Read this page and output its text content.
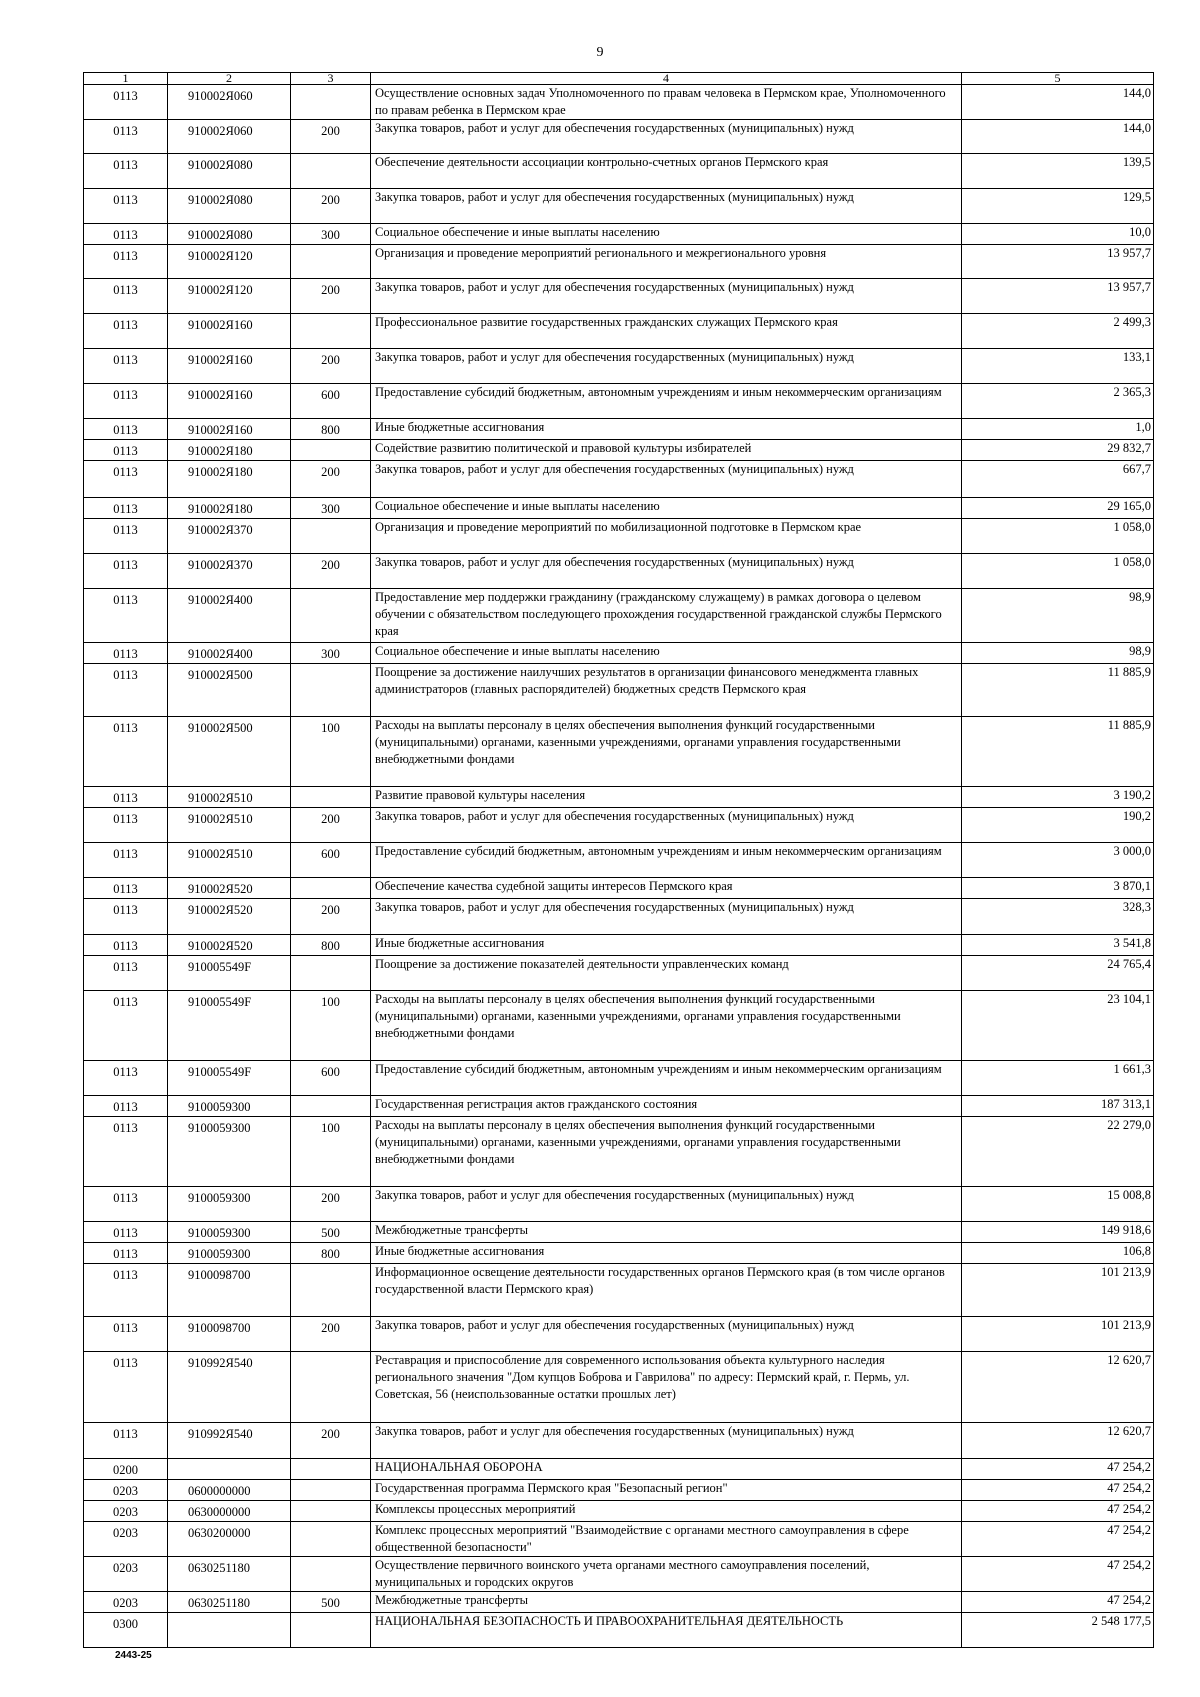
9
1	2	3	4	5
0113	910002Я060		Осуществление основных задач Уполномоченного по правам человека в Пермском крае, Уполномоченного по правам ребенка в Пермском крае	144,0
0113	910002Я060	200	Закупка товаров, работ и услуг для обеспечения государственных (муниципальных) нужд	144,0
0113	910002Я080		Обеспечение деятельности ассоциации контрольно-счетных органов Пермского края	139,5
0113	910002Я080	200	Закупка товаров, работ и услуг для обеспечения государственных (муниципальных) нужд	129,5
0113	910002Я080	300	Социальное обеспечение и иные выплаты населению	10,0
0113	910002Я120		Организация и проведение мероприятий регионального и межрегионального уровня	13 957,7
0113	910002Я120	200	Закупка товаров, работ и услуг для обеспечения государственных (муниципальных) нужд	13 957,7
0113	910002Я160		Профессиональное развитие государственных гражданских служащих Пермского края	2 499,3
0113	910002Я160	200	Закупка товаров, работ и услуг для обеспечения государственных (муниципальных) нужд	133,1
0113	910002Я160	600	Предоставление субсидий бюджетным, автономным учреждениям и иным некоммерческим организациям	2 365,3
0113	910002Я160	800	Иные бюджетные ассигнования	1,0
0113	910002Я180		Содействие развитию политической и правовой культуры избирателей	29 832,7
0113	910002Я180	200	Закупка товаров, работ и услуг для обеспечения государственных (муниципальных) нужд	667,7
0113	910002Я180	300	Социальное обеспечение и иные выплаты населению	29 165,0
0113	910002Я370		Организация и проведение мероприятий по мобилизационной подготовке в Пермском крае	1 058,0
0113	910002Я370	200	Закупка товаров, работ и услуг для обеспечения государственных (муниципальных) нужд	1 058,0
0113	910002Я400		Предоставление мер поддержки гражданину (гражданскому служащему) в рамках договора о целевом обучении с обязательством последующего прохождения государственной гражданской службы Пермского края	98,9
0113	910002Я400	300	Социальное обеспечение и иные выплаты населению	98,9
0113	910002Я500		Поощрение за достижение наилучших результатов в организации финансового менеджмента главных администраторов (главных распорядителей) бюджетных средств Пермского края	11 885,9
0113	910002Я500	100	Расходы на выплаты персоналу в целях обеспечения выполнения функций государственными (муниципальными) органами, казенными учреждениями, органами управления государственными внебюджетными фондами	11 885,9
0113	910002Я510		Развитие правовой культуры населения	3 190,2
0113	910002Я510	200	Закупка товаров, работ и услуг для обеспечения государственных (муниципальных) нужд	190,2
0113	910002Я510	600	Предоставление субсидий бюджетным, автономным учреждениям и иным некоммерческим организациям	3 000,0
0113	910002Я520		Обеспечение качества судебной защиты интересов Пермского края	3 870,1
0113	910002Я520	200	Закупка товаров, работ и услуг для обеспечения государственных (муниципальных) нужд	328,3
0113	910002Я520	800	Иные бюджетные ассигнования	3 541,8
0113	910005549F		Поощрение за достижение показателей деятельности управленческих команд	24 765,4
0113	910005549F	100	Расходы на выплаты персоналу в целях обеспечения выполнения функций государственными (муниципальными) органами, казенными учреждениями, органами управления государственными внебюджетными фондами	23 104,1
0113	910005549F	600	Предоставление субсидий бюджетным, автономным учреждениям и иным некоммерческим организациям	1 661,3
0113	9100059300		Государственная регистрация актов гражданского состояния	187 313,1
0113	9100059300	100	Расходы на выплаты персоналу в целях обеспечения выполнения функций государственными (муниципальными) органами, казенными учреждениями, органами управления государственными внебюджетными фондами	22 279,0
0113	9100059300	200	Закупка товаров, работ и услуг для обеспечения государственных (муниципальных) нужд	15 008,8
0113	9100059300	500	Межбюджетные трансферты	149 918,6
0113	9100059300	800	Иные бюджетные ассигнования	106,8
0113	9100098700		Информационное освещение деятельности государственных органов Пермского края (в том числе органов государственной власти Пермского края)	101 213,9
0113	9100098700	200	Закупка товаров, работ и услуг для обеспечения государственных (муниципальных) нужд	101 213,9
0113	910992Я540		Реставрация и приспособление для современного использования объекта культурного наследия регионального значения "Дом купцов Боброва и Гаврилова" по адресу: Пермский край, г. Пермь, ул. Советская, 56 (неиспользованные остатки прошлых лет)	12 620,7
0113	910992Я540	200	Закупка товаров, работ и услуг для обеспечения государственных (муниципальных) нужд	12 620,7
0200			НАЦИОНАЛЬНАЯ ОБОРОНА	47 254,2
0203	0600000000		Государственная программа Пермского края "Безопасный регион"	47 254,2
0203	0630000000		Комплексы процессных мероприятий	47 254,2
0203	0630200000		Комплекс процессных мероприятий "Взаимодействие с органами местного самоуправления в сфере общественной безопасности"	47 254,2
0203	0630251180		Осуществление первичного воинского учета органами местного самоуправления поселений, муниципальных и городских округов	47 254,2
0203	0630251180	500	Межбюджетные трансферты	47 254,2
0300			НАЦИОНАЛЬНАЯ БЕЗОПАСНОСТЬ И ПРАВООХРАНИТЕЛЬНАЯ ДЕЯТЕЛЬНОСТЬ	2 548 177,5
2443-25
